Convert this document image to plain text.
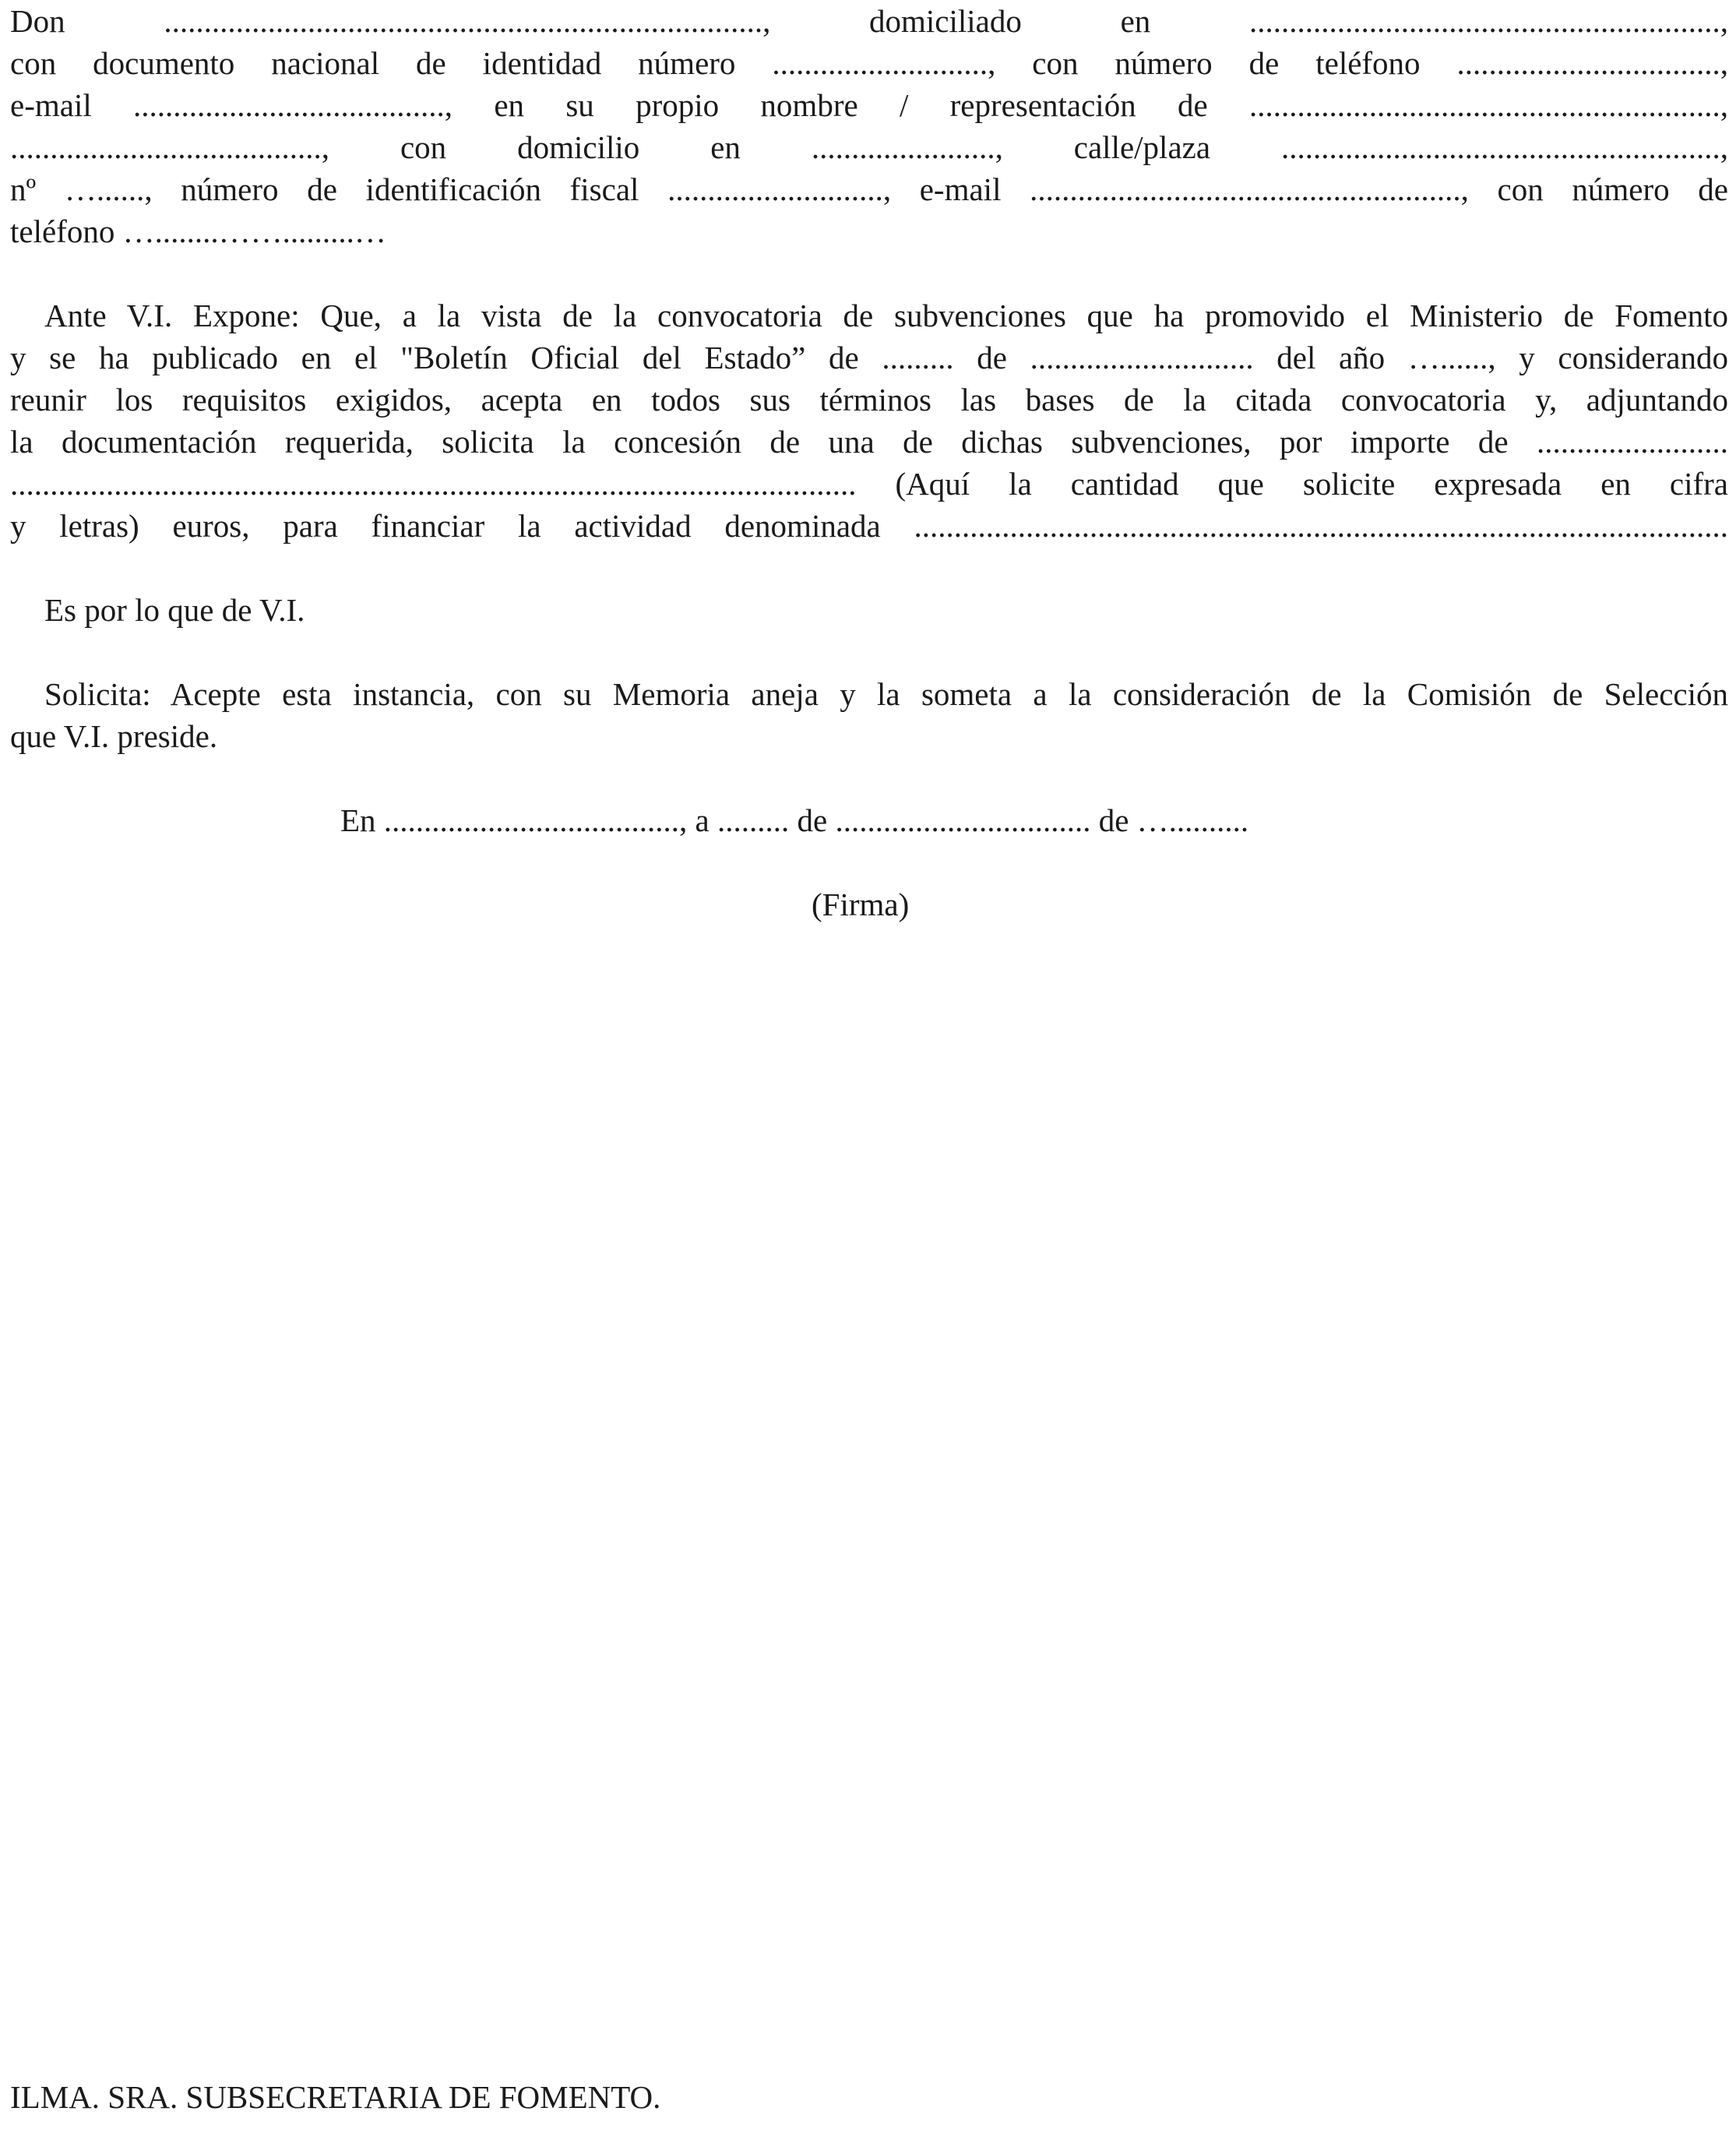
Don ..........................................................................., domiciliado en ...........................................................,
con documento nacional de identidad número ..........................., con número de teléfono .................................,
e-mail ......................................., en su propio nombre / representación de ...........................................................,
......................................., con domicilio en ......................., calle/plaza .......................................................,
nº …......, número de identificación fiscal ..........................., e-mail ......................................................, con número de
teléfono …........…….........…
Ante V.I. Expone: Que, a la vista de la convocatoria de subvenciones que ha promovido el Ministerio de Fomento
y se ha publicado en el "Boletín Oficial del Estado” de ......... de ............................ del año …......, y considerando
reunir los requisitos exigidos, acepta en todos sus términos las bases de la citada convocatoria y, adjuntando
la documentación requerida, solicita la concesión de una de dichas subvenciones, por importe de ........................
.......................................................................................................... (Aquí la cantidad que solicite expresada en cifra
y letras) euros, para financiar la actividad denominada ......................................................................................................
Es por lo que de V.I.
Solicita: Acepte esta instancia, con su Memoria aneja y la someta a la consideración de la Comisión de Selección
que V.I. preside.
En ....................................., a ......... de ................................ de …..........
(Firma)
ILMA. SRA. SUBSECRETARIA DE FOMENTO.
